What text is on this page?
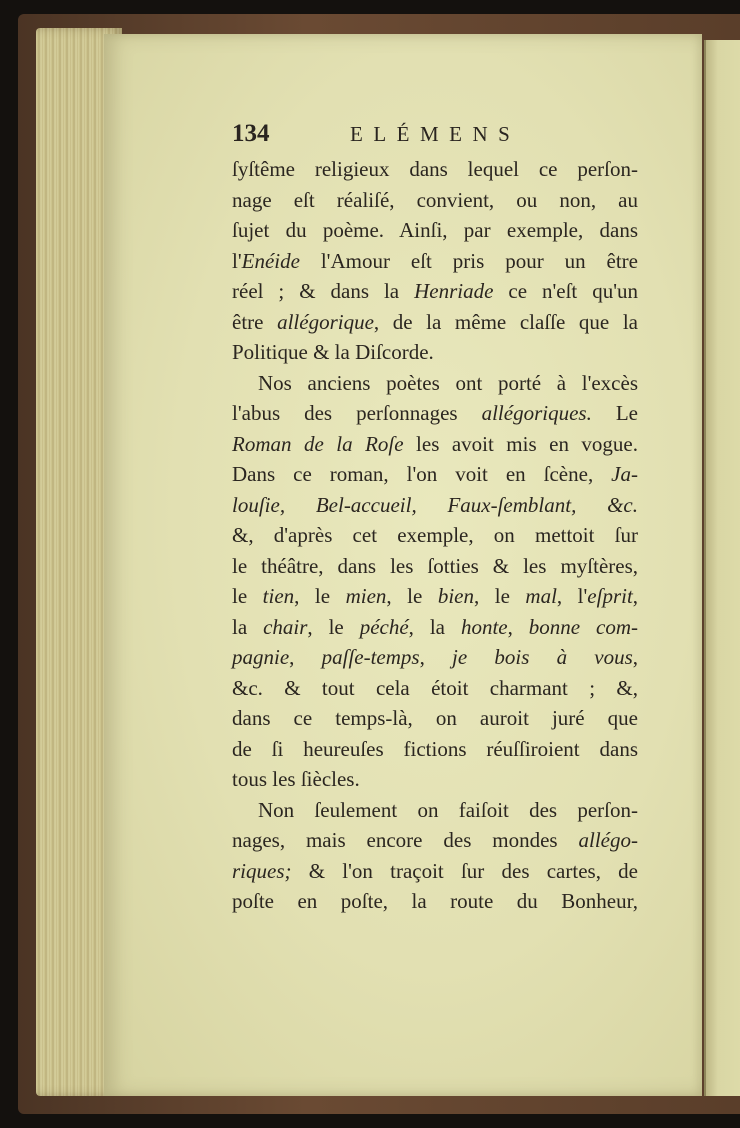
134	ELÉMENS
ſyſtême religieux dans lequel ce perſon-
nage eſt réaliſé, convient, ou non, au
ſujet du poème. Ainſi, par exemple, dans
l'Enéide l'Amour eſt pris pour un être
réel ; & dans la Henriade ce n'eſt qu'un
être allégorique, de la même claſſe que la
Politique & la Diſcorde.
Nos anciens poètes ont porté à l'excès
l'abus des perſonnages allégoriques. Le
Roman de la Roſe les avoit mis en vogue.
Dans ce roman, l'on voit en ſcène, Ja-
louſie, Bel-accueil, Faux-ſemblant, &c.
&, d'après cet exemple, on mettoit ſur
le théâtre, dans les ſotties & les myſtères,
le tien, le mien, le bien, le mal, l'eſprit,
la chair, le péché, la honte, bonne com-
pagnie, paſſe-temps, je bois à vous,
&c. & tout cela étoit charmant ; &,
dans ce temps-là, on auroit juré que
de ſi heureuſes fictions réuſſiroient dans
tous les ſiècles.
Non ſeulement on faiſoit des perſon-
nages, mais encore des mondes allégo-
riques; & l'on traçoit ſur des cartes, de
poſte en poſte, la route du Bonheur,
